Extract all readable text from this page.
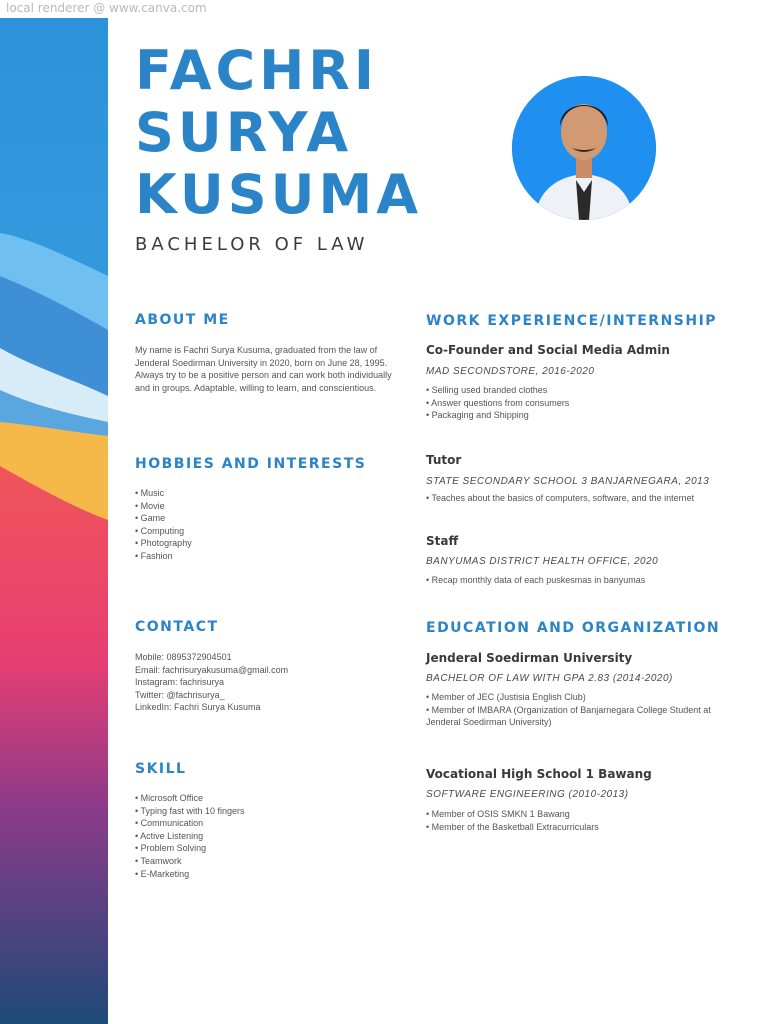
local renderer @ www.canva.com
FACHRI
SURYA
KUSUMA
BACHELOR OF LAW
ABOUT ME
My name is Fachri Surya Kusuma, graduated from the law of
Jenderal Soedirman University in 2020, born on June 28, 1995.
Always try to be a positive person and can work both individually
and in groups. Adaptable, willing to learn, and conscientious.
HOBBIES AND INTERESTS
• Music
• Movie
• Game
• Computing
• Photography
• Fashion
CONTACT
Mobile: 0895372904501
Email: fachrisuryakusuma@gmail.com
Instagram: fachrisurya
Twitter: @fachrisurya_
LinkedIn: Fachri Surya Kusuma
SKILL
• Microsoft Office
• Typing fast with 10 fingers
• Communication
• Active Listening
• Problem Solving
• Teamwork
• E-Marketing
WORK EXPERIENCE/INTERNSHIP
Co-Founder and Social Media Admin
MAD SECONDSTORE, 2016-2020
• Selling used branded clothes
• Answer questions from consumers
• Packaging and Shipping
Tutor
STATE SECONDARY SCHOOL 3 BANJARNEGARA, 2013
• Teaches about the basics of computers, software, and the internet
Staff
BANYUMAS DISTRICT HEALTH OFFICE, 2020
• Recap monthly data of each puskesmas in banyumas
EDUCATION AND ORGANIZATION
Jenderal Soedirman University
BACHELOR OF LAW WITH GPA 2.83 (2014-2020)
• Member of JEC (Justisia English Club)
• Member of IMBARA (Organization of Banjarnegara College Student at Jenderal Soedirman University)
Vocational High School 1 Bawang
SOFTWARE ENGINEERING (2010-2013)
• Member of OSIS SMKN 1 Bawang
• Member of the Basketball Extracurriculars
